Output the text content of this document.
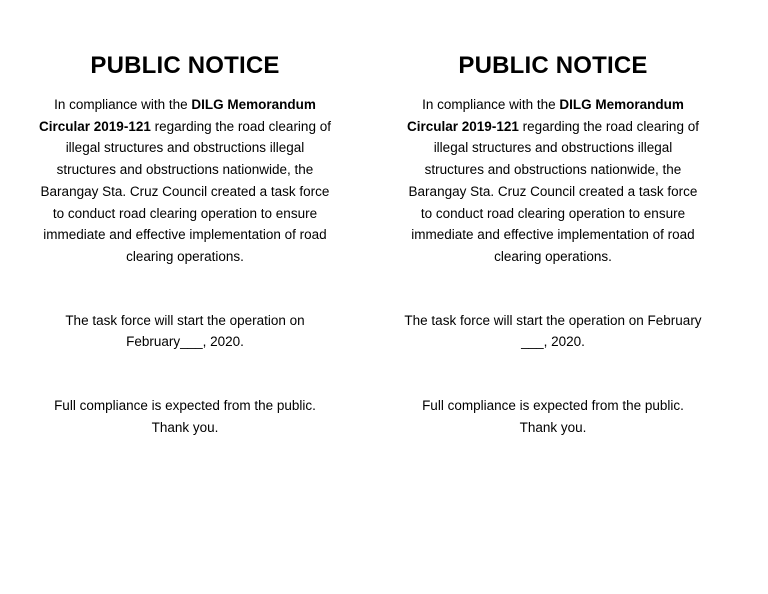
PUBLIC NOTICE

In compliance with the DILG Memorandum Circular 2019-121 regarding the road clearing of illegal structures and obstructions illegal structures and obstructions nationwide, the Barangay Sta. Cruz Council created a task force to conduct road clearing operation to ensure immediate and effective implementation of road clearing operations.

The task force will start the operation on February___, 2020.

Full compliance is expected from the public. Thank you.

PUBLIC NOTICE

In compliance with the DILG Memorandum Circular 2019-121 regarding the road clearing of illegal structures and obstructions illegal structures and obstructions nationwide, the Barangay Sta. Cruz Council created a task force to conduct road clearing operation to ensure immediate and effective implementation of road clearing operations.

The task force will start the operation on February ___, 2020.

Full compliance is expected from the public. Thank you.
